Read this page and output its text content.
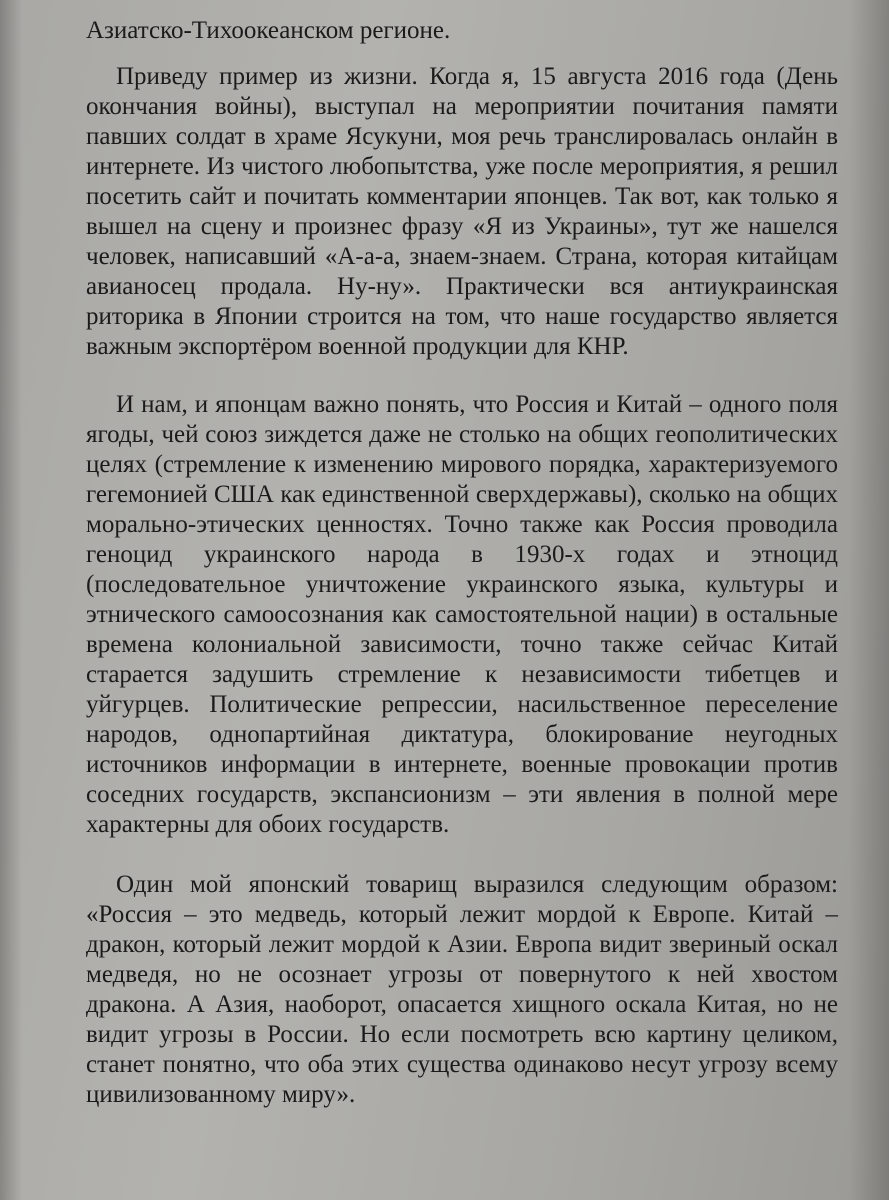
Азиатско-Тихоокеанском регионе.

Приведу пример из жизни. Когда я, 15 августа 2016 года (День окончания войны), выступал на мероприятии почитания памяти павших солдат в храме Ясукуни, моя речь транслировалась онлайн в интернете. Из чистого любопытства, уже после мероприятия, я решил посетить сайт и почитать комментарии японцев. Так вот, как только я вышел на сцену и произнес фразу «Я из Украины», тут же нашелся человек, написавший «А-а-а, знаем-знаем. Страна, которая китайцам авианосец продала. Ну-ну». Практически вся антиукраинская риторика в Японии строится на том, что наше государство является важным экспортёром военной продукции для КНР.

И нам, и японцам важно понять, что Россия и Китай – одного поля ягоды, чей союз зиждется даже не столько на общих геополитических целях (стремление к изменению мирового порядка, характеризуемого гегемонией США как единственной сверхдержавы), сколько на общих морально-этических ценностях. Точно также как Россия проводила геноцид украинского народа в 1930-х годах и этноцид (последовательное уничтожение украинского языка, культуры и этнического самоосознания как самостоятельной нации) в остальные времена колониальной зависимости, точно также сейчас Китай старается задушить стремление к независимости тибетцев и уйгурцев. Политические репрессии, насильственное переселение народов, однопартийная диктатура, блокирование неугодных источников информации в интернете, военные провокации против соседних государств, экспансионизм – эти явления в полной мере характерны для обоих государств.

Один мой японский товарищ выразился следующим образом: «Россия – это медведь, который лежит мордой к Европе. Китай – дракон, который лежит мордой к Азии. Европа видит звериный оскал медведя, но не осознает угрозы от повернутого к ней хвостом дракона. А Азия, наоборот, опасается хищного оскала Китая, но не видит угрозы в России. Но если посмотреть всю картину целиком, станет понятно, что оба этих существа одинаково несут угрозу всему цивилизованному миру».
